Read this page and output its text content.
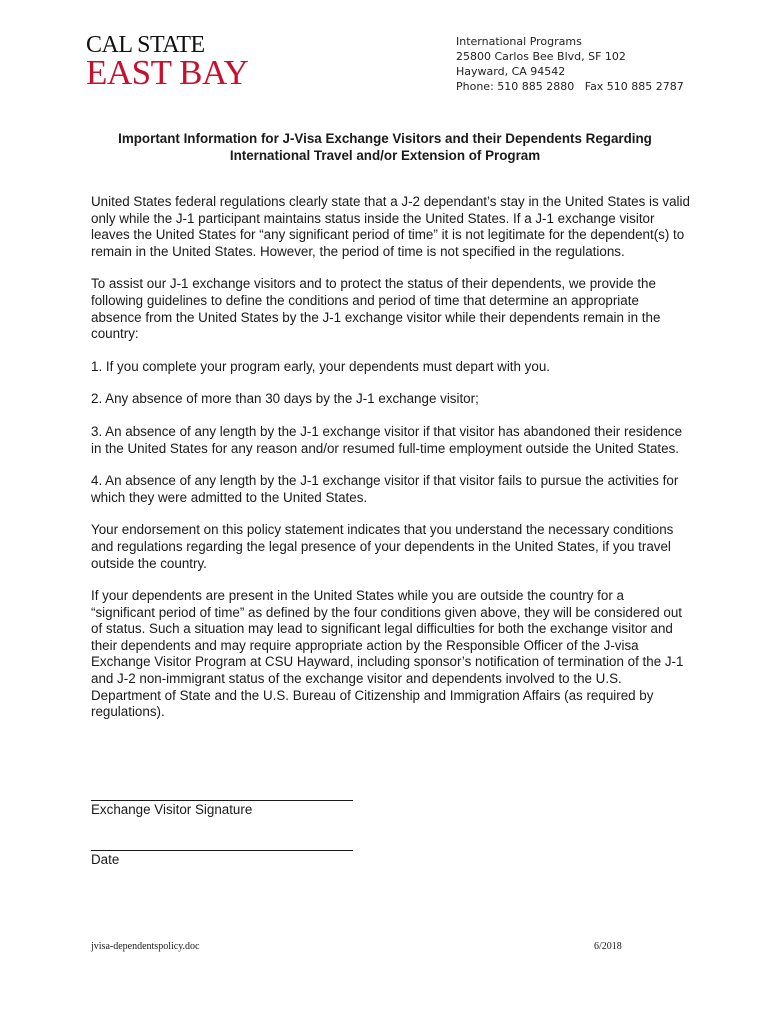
CAL STATE
EAST BAY
International Programs
25800 Carlos Bee Blvd, SF 102
Hayward, CA 94542
Phone: 510 885 2880   Fax 510 885 2787
Important Information for J-Visa Exchange Visitors and their Dependents Regarding
International Travel and/or Extension of Program

United States federal regulations clearly state that a J-2 dependant’s stay in the United States is valid only while the J-1 participant maintains status inside the United States. If a J-1 exchange visitor leaves the United States for “any significant period of time” it is not legitimate for the dependent(s) to remain in the United States. However, the period of time is not specified in the regulations.

To assist our J-1 exchange visitors and to protect the status of their dependents, we provide the following guidelines to define the conditions and period of time that determine an appropriate absence from the United States by the J-1 exchange visitor while their dependents remain in the country:

1. If you complete your program early, your dependents must depart with you.

2. Any absence of more than 30 days by the J-1 exchange visitor;

3. An absence of any length by the J-1 exchange visitor if that visitor has abandoned their residence in the United States for any reason and/or resumed full-time employment outside the United States.

4. An absence of any length by the J-1 exchange visitor if that visitor fails to pursue the activities for which they were admitted to the United States.

Your endorsement on this policy statement indicates that you understand the necessary conditions and regulations regarding the legal presence of your dependents in the United States, if you travel outside the country.

If your dependents are present in the United States while you are outside the country for a “significant period of time” as defined by the four conditions given above, they will be considered out of status. Such a situation may lead to significant legal difficulties for both the exchange visitor and their dependents and may require appropriate action by the Responsible Officer of the J-visa Exchange Visitor Program at CSU Hayward, including sponsor’s notification of termination of the J-1 and J-2 non-immigrant status of the exchange visitor and dependents involved to the U.S. Department of State and the U.S. Bureau of Citizenship and Immigration Affairs (as required by regulations).

Exchange Visitor Signature
Date
jvisa-dependentspolicy.doc	6/2018
